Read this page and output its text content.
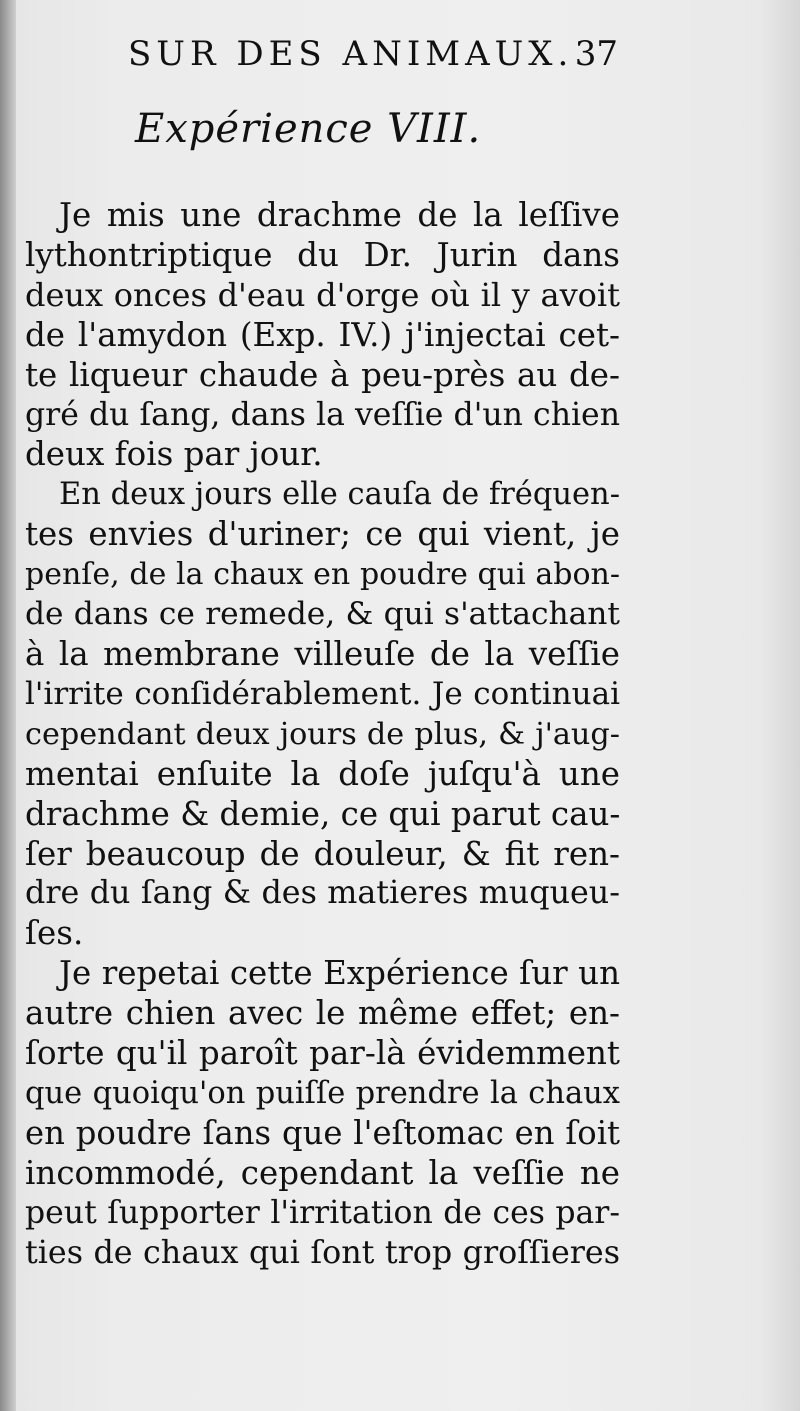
SUR DES ANIMAUX. 37
Expérience VIII.

Je mis une drachme de la leſſive
lythontriptique du Dr. Jurin dans
deux onces d'eau d'orge où il y avoit
de l'amydon (Exp. IV.) j'injectai cet-
te liqueur chaude à peu-près au de-
gré du ſang, dans la veſſie d'un chien
deux fois par jour.

En deux jours elle cauſa de fréquen-
tes envies d'uriner; ce qui vient, je
penſe, de la chaux en poudre qui abon-
de dans ce remede, & qui s'attachant
à la membrane villeuſe de la veſſie
l'irrite conſidérablement. Je continuai
cependant deux jours de plus, & j'aug-
mentai enſuite la doſe juſqu'à une
drachme & demie, ce qui parut cau-
ſer beaucoup de douleur, & fit ren-
dre du ſang & des matieres muqueu-
ſes.

Je repetai cette Expérience ſur un
autre chien avec le même effet; en-
ſorte qu'il paroît par-là évidemment
que quoiqu'on puiſſe prendre la chaux
en poudre ſans que l'eſtomac en ſoit
incommodé, cependant la veſſie ne
peut ſupporter l'irritation de ces par-
ties de chaux qui ſont trop groſſieres
